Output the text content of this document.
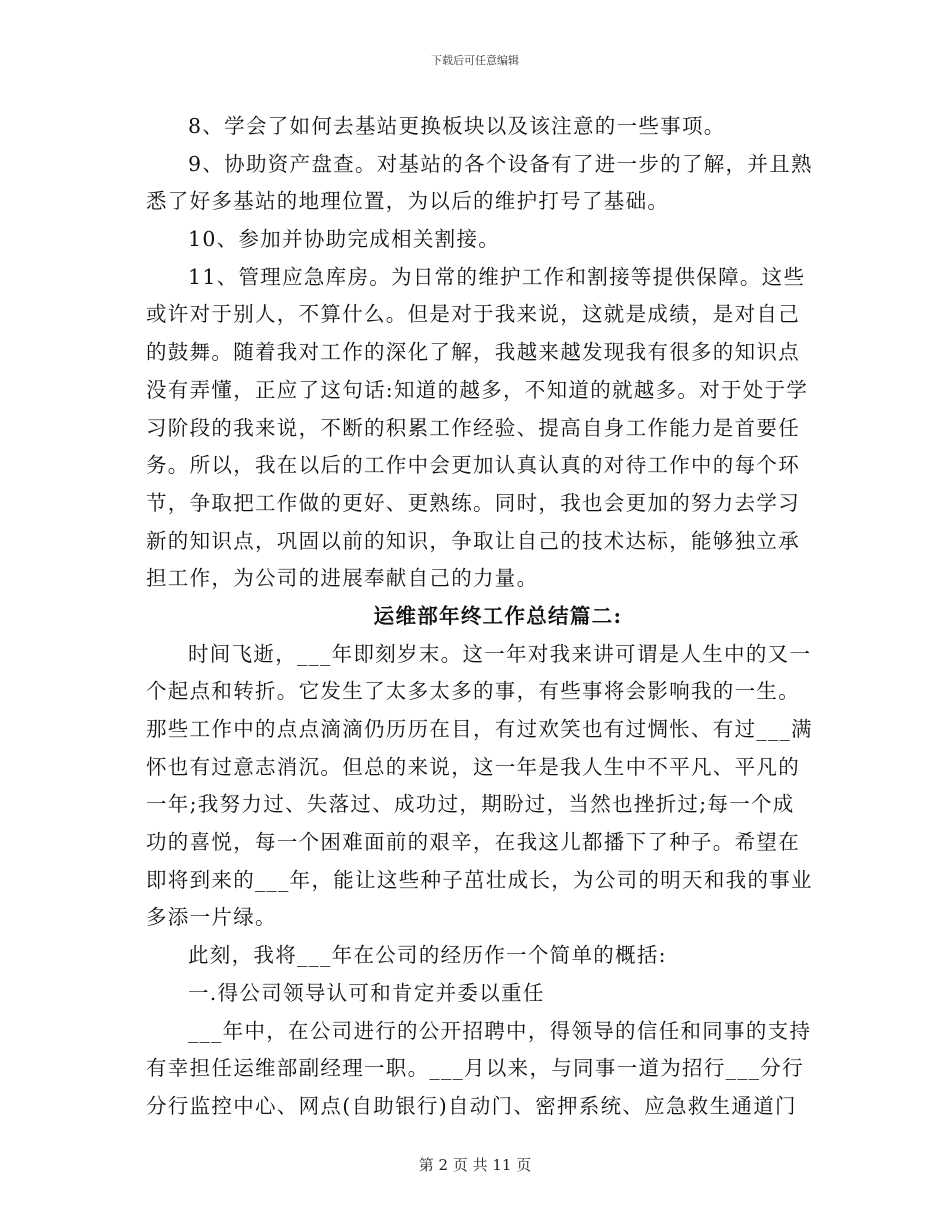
下载后可任意编辑
8、学会了如何去基站更换板块以及该注意的一些事项。
9、协助资产盘查。对基站的各个设备有了进一步的了解，并且熟
悉了好多基站的地理位置，为以后的维护打号了基础。
10、参加并协助完成相关割接。
11、管理应急库房。为日常的维护工作和割接等提供保障。这些
或许对于别人，不算什么。但是对于我来说，这就是成绩，是对自己
的鼓舞。随着我对工作的深化了解，我越来越发现我有很多的知识点
没有弄懂，正应了这句话:知道的越多，不知道的就越多。对于处于学
习阶段的我来说，不断的积累工作经验、提高自身工作能力是首要任
务。所以，我在以后的工作中会更加认真认真的对待工作中的每个环
节，争取把工作做的更好、更熟练。同时，我也会更加的努力去学习
新的知识点，巩固以前的知识，争取让自己的技术达标，能够独立承
担工作，为公司的进展奉献自己的力量。
运维部年终工作总结篇二:
时间飞逝，___年即刻岁末。这一年对我来讲可谓是人生中的又一
个起点和转折。它发生了太多太多的事，有些事将会影响我的一生。
那些工作中的点点滴滴仍历历在目，有过欢笑也有过惆怅、有过___满
怀也有过意志消沉。但总的来说，这一年是我人生中不平凡、平凡的
一年;我努力过、失落过、成功过，期盼过，当然也挫折过;每一个成
功的喜悦，每一个困难面前的艰辛，在我这儿都播下了种子。希望在
即将到来的___年，能让这些种子茁壮成长，为公司的明天和我的事业
多添一片绿。
此刻，我将___年在公司的经历作一个简单的概括:
一.得公司领导认可和肯定并委以重任
___年中，在公司进行的公开招聘中，得领导的信任和同事的支持
有幸担任运维部副经理一职。___月以来，与同事一道为招行___分行
分行监控中心、网点(自助银行)自动门、密押系统、应急救生通道门
第 2 页 共 11 页
